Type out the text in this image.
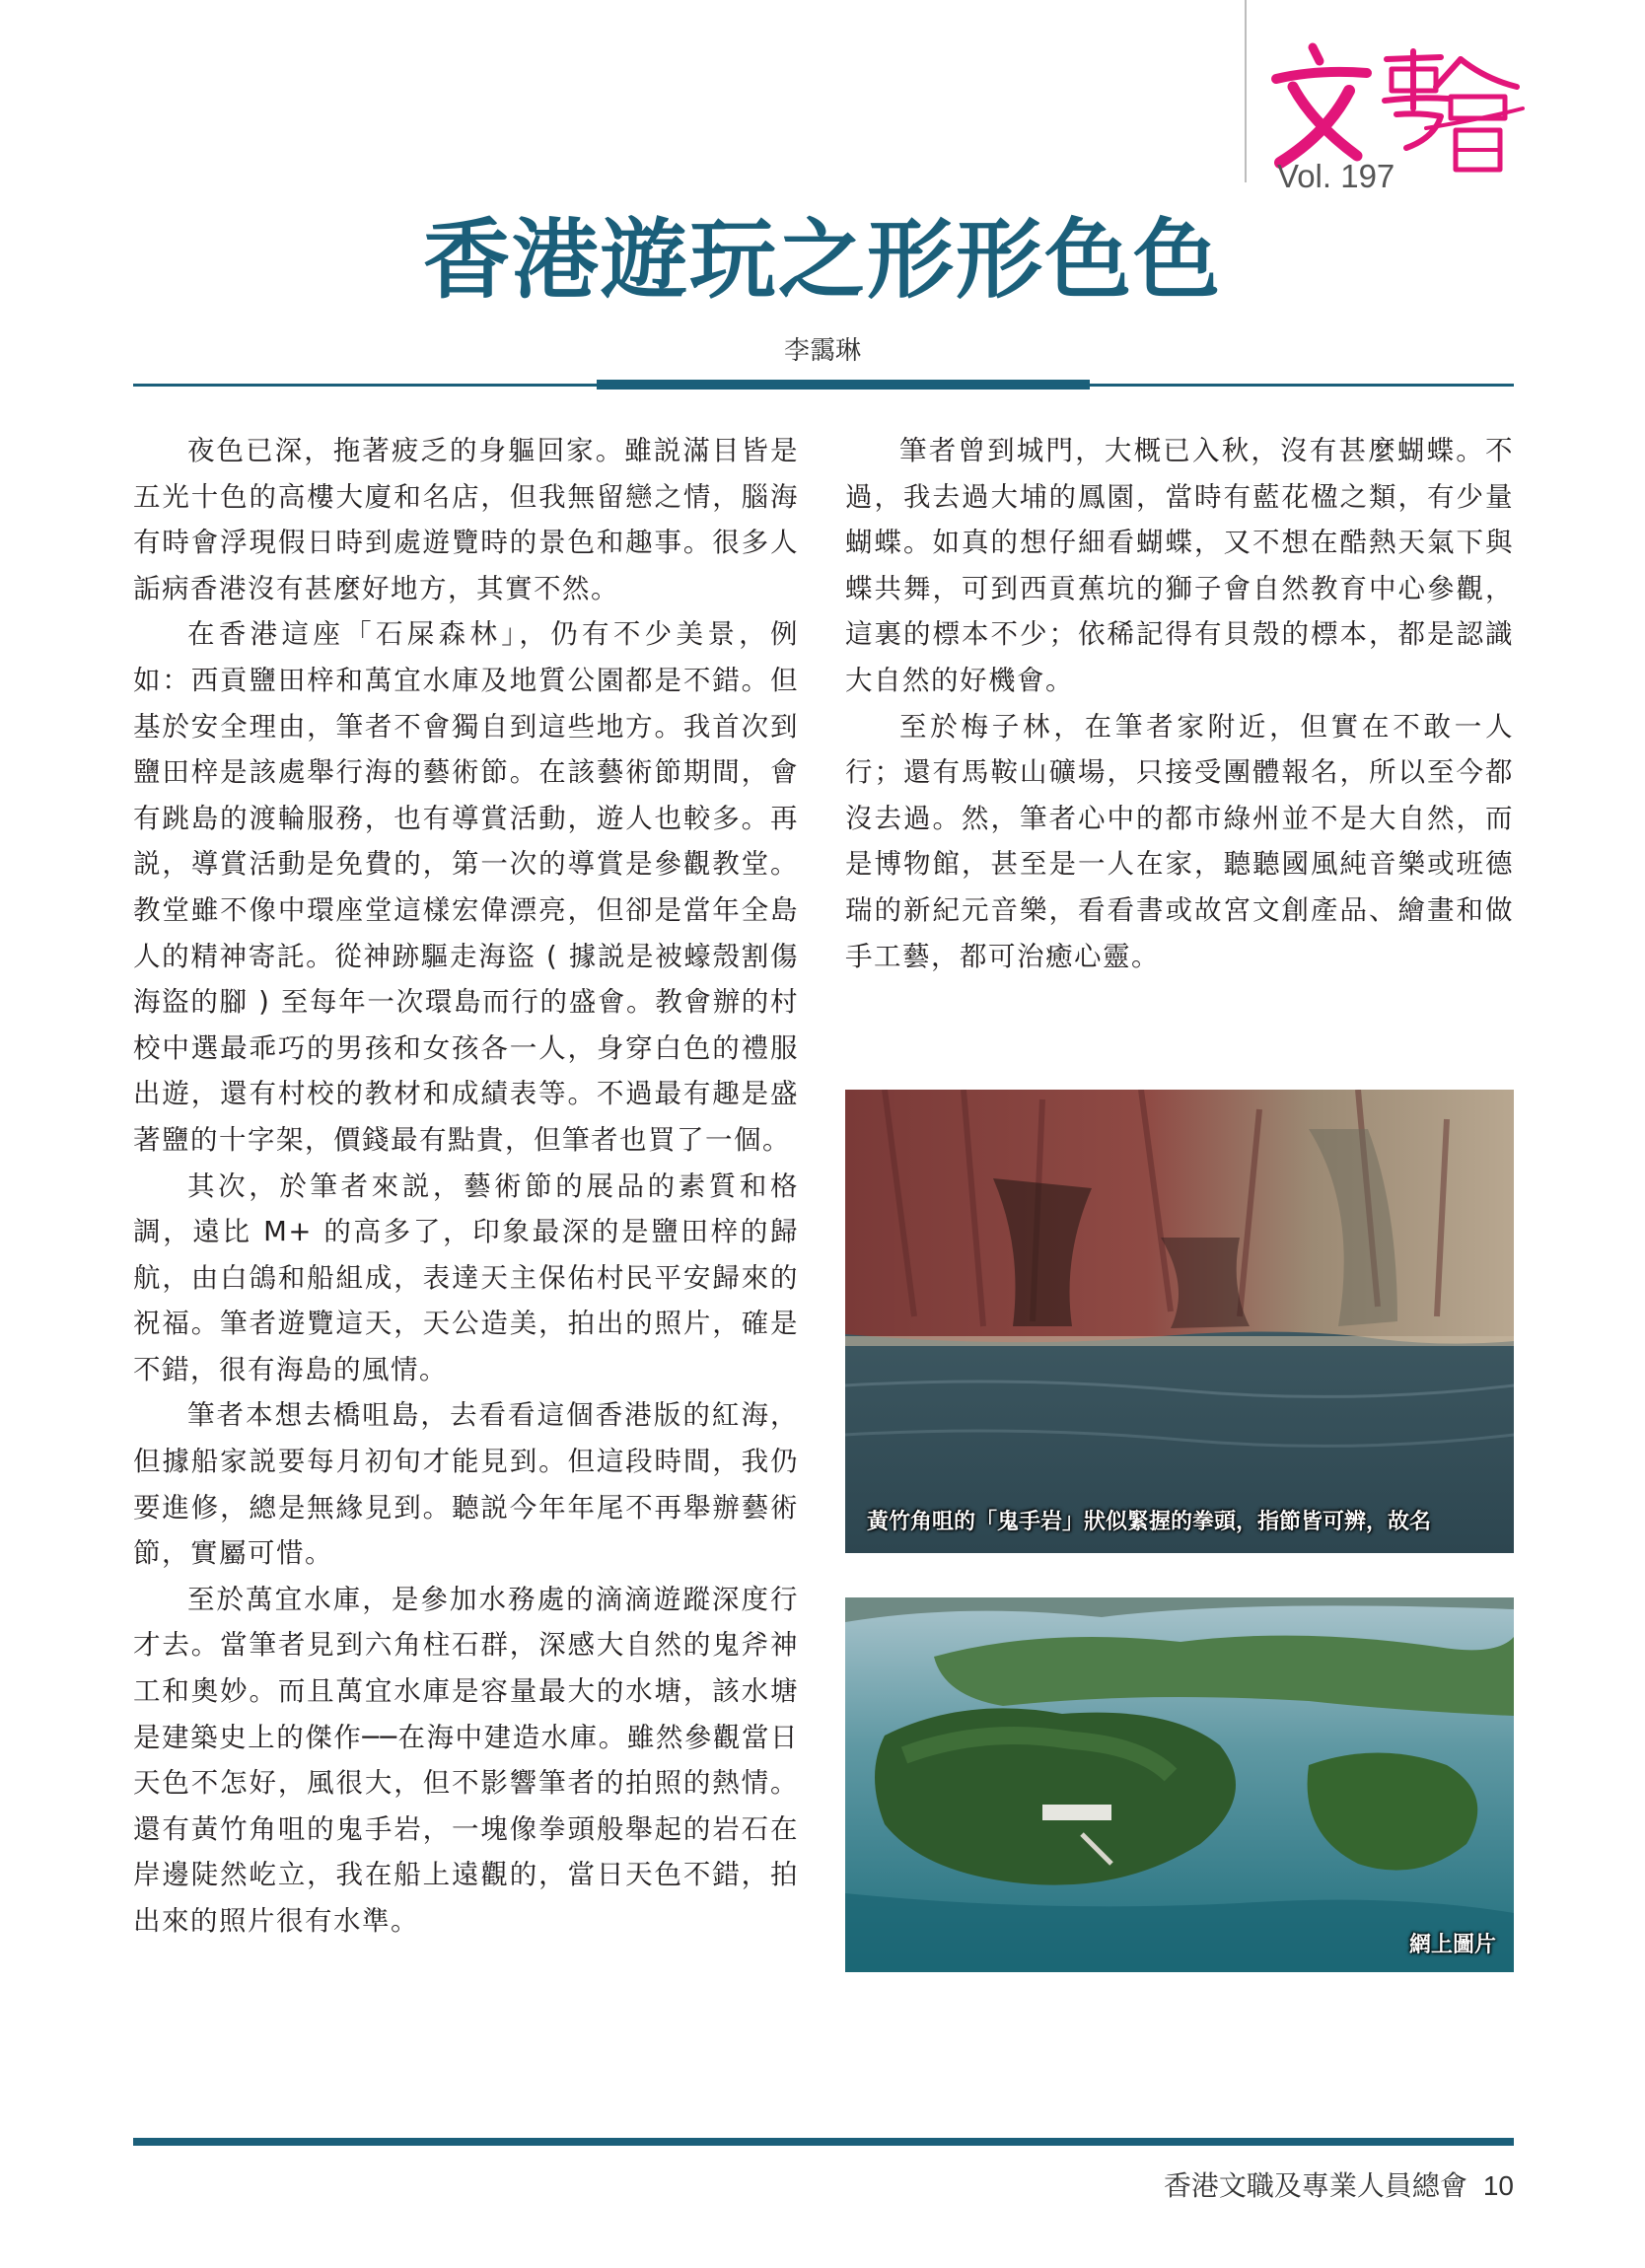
Vol. 197
香港遊玩之形形色色
李靄琳

夜色已深，拖著疲乏的身軀回家。雖説滿目皆是五光十色的高樓大廈和名店，但我無留戀之情，腦海有時會浮現假日時到處遊覽時的景色和趣事。很多人詬病香港沒有甚麼好地方，其實不然。

在香港這座「石屎森林」，仍有不少美景，例如：西貢鹽田梓和萬宜水庫及地質公園都是不錯。但基於安全理由，筆者不會獨自到這些地方。我首次到鹽田梓是該處舉行海的藝術節。在該藝術節期間，會有跳島的渡輪服務，也有導賞活動，遊人也較多。再説，導賞活動是免費的，第一次的導賞是參觀教堂。教堂雖不像中環座堂這樣宏偉漂亮，但卻是當年全島人的精神寄託。從神跡驅走海盜 ( 據説是被蠔殼割傷海盜的腳 ) 至每年一次環島而行的盛會。教會辦的村校中選最乖巧的男孩和女孩各一人，身穿白色的禮服出遊，還有村校的教材和成績表等。不過最有趣是盛著鹽的十字架，價錢最有點貴，但筆者也買了一個。

其次，於筆者來説，藝術節的展品的素質和格調，遠比 M+ 的高多了，印象最深的是鹽田梓的歸航，由白鴿和船組成，表達天主保佑村民平安歸來的祝福。筆者遊覽這天，天公造美，拍出的照片，確是不錯，很有海島的風情。

筆者本想去橋咀島，去看看這個香港版的紅海，但據船家説要每月初旬才能見到。但這段時間，我仍要進修，總是無緣見到。聽説今年年尾不再舉辦藝術節，實屬可惜。

至於萬宜水庫，是參加水務處的滴滴遊蹤深度行才去。當筆者見到六角柱石群，深感大自然的鬼斧神工和奧妙。而且萬宜水庫是容量最大的水塘，該水塘是建築史上的傑作──在海中建造水庫。雖然參觀當日天色不怎好，風很大，但不影響筆者的拍照的熱情。還有黃竹角咀的鬼手岩，一塊像拳頭般舉起的岩石在岸邊陡然屹立，我在船上遠觀的，當日天色不錯，拍出來的照片很有水準。

筆者曾到城門，大概已入秋，沒有甚麼蝴蝶。不過，我去過大埔的鳳園，當時有藍花楹之類，有少量蝴蝶。如真的想仔細看蝴蝶，又不想在酷熱天氣下與蝶共舞，可到西貢蕉坑的獅子會自然教育中心參觀，這裏的標本不少；依稀記得有貝殼的標本，都是認識大自然的好機會。

至於梅子林，在筆者家附近，但實在不敢一人行；還有馬鞍山礦場，只接受團體報名，所以至今都沒去過。然，筆者心中的都市綠州並不是大自然，而是博物館，甚至是一人在家，聽聽國風純音樂或班德瑞的新紀元音樂，看看書或故宮文創產品、繪畫和做手工藝，都可治癒心靈。

黃竹角咀的「鬼手岩」狀似緊握的拳頭，指節皆可辨，故名
網上圖片
香港文職及專業人員總會 10
